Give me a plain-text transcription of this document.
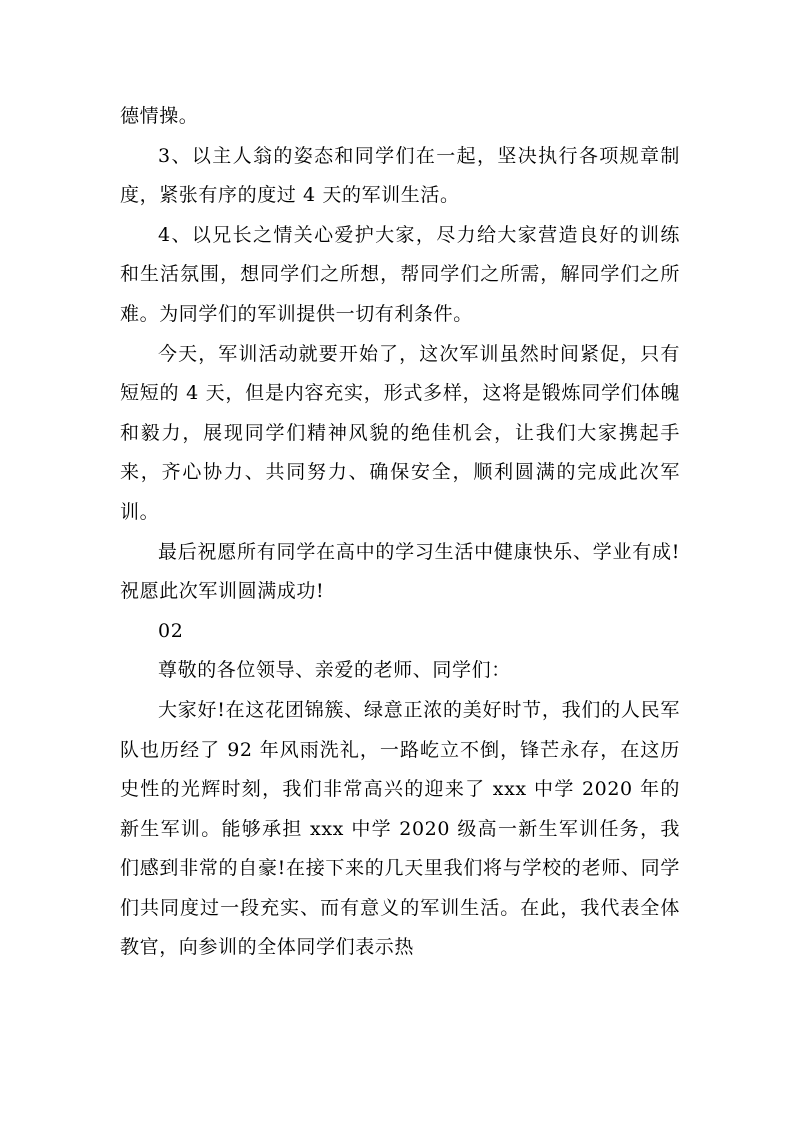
德情操。

3、以主人翁的姿态和同学们在一起，坚决执行各项规章制度，紧张有序的度过 4 天的军训生活。

4、以兄长之情关心爱护大家，尽力给大家营造良好的训练和生活氛围，想同学们之所想，帮同学们之所需，解同学们之所难。为同学们的军训提供一切有利条件。

今天，军训活动就要开始了，这次军训虽然时间紧促，只有短短的 4 天，但是内容充实，形式多样，这将是锻炼同学们体魄和毅力，展现同学们精神风貌的绝佳机会，让我们大家携起手来，齐心协力、共同努力、确保安全，顺利圆满的完成此次军训。

最后祝愿所有同学在高中的学习生活中健康快乐、学业有成!祝愿此次军训圆满成功!

02

尊敬的各位领导、亲爱的老师、同学们：

大家好!在这花团锦簇、绿意正浓的美好时节，我们的人民军队也历经了 92 年风雨洗礼，一路屹立不倒，锋芒永存，在这历史性的光辉时刻，我们非常高兴的迎来了 xxx 中学 2020 年的新生军训。能够承担 xxx 中学 2020 级高一新生军训任务，我们感到非常的自豪!在接下来的几天里我们将与学校的老师、同学们共同度过一段充实、而有意义的军训生活。在此，我代表全体教官，向参训的全体同学们表示热
